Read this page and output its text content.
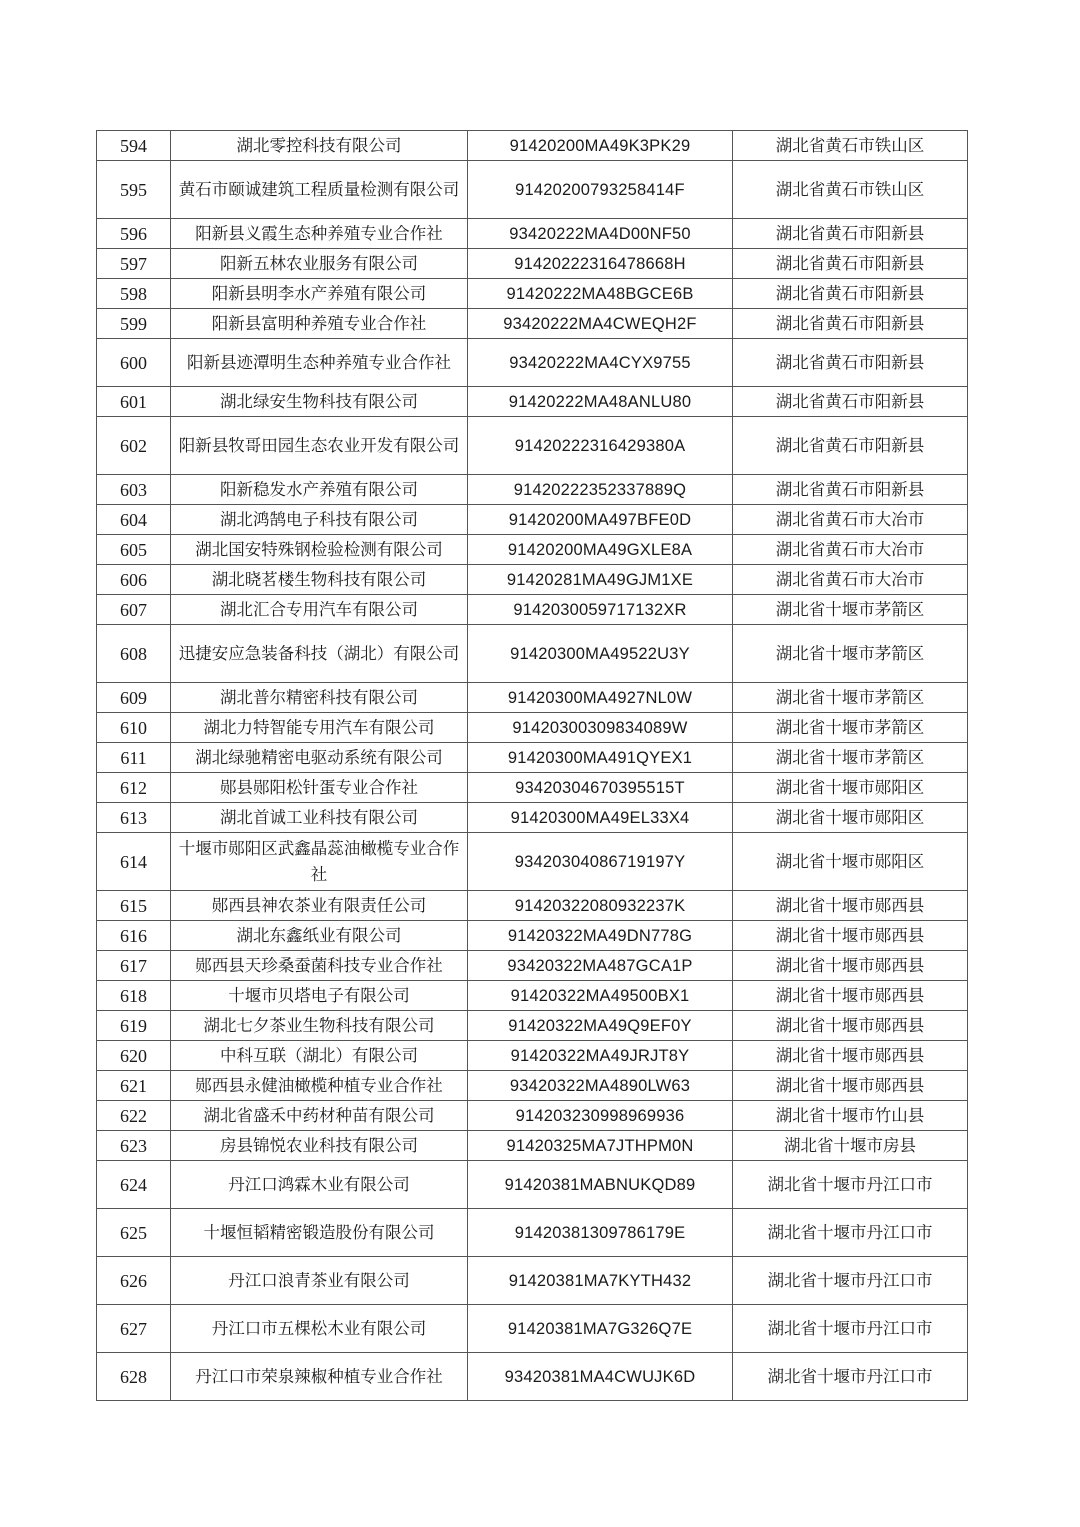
594	湖北零控科技有限公司	91420200MA49K3PK29	湖北省黄石市铁山区
595	黄石市颐诚建筑工程质量检测有限公司	91420200793258414F	湖北省黄石市铁山区
596	阳新县义霞生态种养殖专业合作社	93420222MA4D00NF50	湖北省黄石市阳新县
597	阳新五林农业服务有限公司	91420222316478668H	湖北省黄石市阳新县
598	阳新县明李水产养殖有限公司	91420222MA48BGCE6B	湖北省黄石市阳新县
599	阳新县富明种养殖专业合作社	93420222MA4CWEQH2F	湖北省黄石市阳新县
600	阳新县迹潭明生态种养殖专业合作社	93420222MA4CYX9755	湖北省黄石市阳新县
601	湖北绿安生物科技有限公司	91420222MA48ANLU80	湖北省黄石市阳新县
602	阳新县牧哥田园生态农业开发有限公司	91420222316429380A	湖北省黄石市阳新县
603	阳新稳发水产养殖有限公司	91420222352337889Q	湖北省黄石市阳新县
604	湖北鸿鹄电子科技有限公司	91420200MA497BFE0D	湖北省黄石市大冶市
605	湖北国安特殊钢检验检测有限公司	91420200MA49GXLE8A	湖北省黄石市大冶市
606	湖北晓茗楼生物科技有限公司	91420281MA49GJM1XE	湖北省黄石市大冶市
607	湖北汇合专用汽车有限公司	9142030059717132XR	湖北省十堰市茅箭区
608	迅捷安应急装备科技（湖北）有限公司	91420300MA49522U3Y	湖北省十堰市茅箭区
609	湖北普尔精密科技有限公司	91420300MA4927NL0W	湖北省十堰市茅箭区
610	湖北力特智能专用汽车有限公司	91420300309834089W	湖北省十堰市茅箭区
611	湖北绿驰精密电驱动系统有限公司	91420300MA491QYEX1	湖北省十堰市茅箭区
612	郧县郧阳松针蛋专业合作社	93420304670395515T	湖北省十堰市郧阳区
613	湖北首诚工业科技有限公司	91420300MA49EL33X4	湖北省十堰市郧阳区
614	十堰市郧阳区武鑫晶蕊油橄榄专业合作社	93420304086719197Y	湖北省十堰市郧阳区
615	郧西县神农茶业有限责任公司	91420322080932237K	湖北省十堰市郧西县
616	湖北东鑫纸业有限公司	91420322MA49DN778G	湖北省十堰市郧西县
617	郧西县天珍桑蚕菌科技专业合作社	93420322MA487GCA1P	湖北省十堰市郧西县
618	十堰市贝塔电子有限公司	91420322MA49500BX1	湖北省十堰市郧西县
619	湖北七夕茶业生物科技有限公司	91420322MA49Q9EF0Y	湖北省十堰市郧西县
620	中科互联（湖北）有限公司	91420322MA49JRJT8Y	湖北省十堰市郧西县
621	郧西县永健油橄榄种植专业合作社	93420322MA4890LW63	湖北省十堰市郧西县
622	湖北省盛禾中药材种苗有限公司	914203230998969936	湖北省十堰市竹山县
623	房县锦悦农业科技有限公司	91420325MA7JTHPM0N	湖北省十堰市房县
624	丹江口鸿霖木业有限公司	91420381MABNUKQD89	湖北省十堰市丹江口市
625	十堰恒韬精密锻造股份有限公司	91420381309786179E	湖北省十堰市丹江口市
626	丹江口浪青茶业有限公司	91420381MA7KYTH432	湖北省十堰市丹江口市
627	丹江口市五棵松木业有限公司	91420381MA7G326Q7E	湖北省十堰市丹江口市
628	丹江口市荣泉辣椒种植专业合作社	93420381MA4CWUJK6D	湖北省十堰市丹江口市
